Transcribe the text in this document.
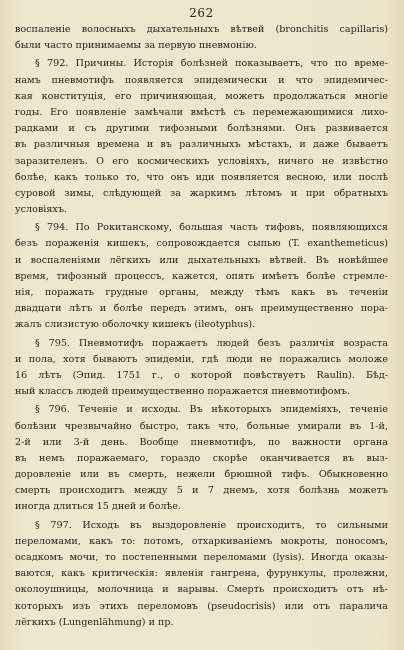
262
воспаленіе волосныхъ дыхательныхъ вѣтвей (bronchitis capillaris)
были часто принимаемы за первую пневмонію.
§ 792. Причины. Исторія болѣзней показываетъ, что по време-
намъ пневмотифъ появляется эпидемически и что эпидемичес-
кая конституція, его причиняющая, можетъ продолжаться многіе
годы. Его появленіе замѣчали вмѣстѣ съ перемежающимися лихо-
радками и съ другими тифозными болѣзнями. Онъ развивается
въ различныя времена и въ различныхъ мѣстахъ, и даже бываетъ
заразителенъ. О его космическихъ условіяхъ, ничего не извѣстно
болѣе, какъ только то, что онъ иди появляется весною, или послѣ
суровой зимы, слѣдующей за жаркимъ лѣтомъ и при обратныхъ
условіяхъ.
§ 794. По Рокитанскому, большая часть тифовъ, появляющихся
безъ пораженія кишекъ, сопровождается сыпью (T. exanthemeticus)
и воспаленіями лёгкихъ или дыхательныхъ вѣтвей. Въ новѣйшее
время, тифозный процессъ, кажется, опять имѣетъ болѣе стремле-
нія, поражать грудные органы, между тѣмъ какъ въ теченіи
двадцати лѣтъ и болѣе передъ этимъ, онъ преимущественно пора-
жалъ слизистую оболочку кишекъ (ileotyphus).
§ 795. Пневмотифъ поражаетъ людей безъ различія возраста
и пола, хотя бываютъ эпидеміи, гдѣ люди не поражались моложе
16 лѣтъ (Эпид. 1751 г., о которой повѣствуетъ Raulin). Бѣд-
ный классъ людей преимущественно поражается пневмотифомъ.
§ 796. Теченіе и исходы. Въ нѣкоторыхъ эпидеміяхъ, теченіе
болѣзни чрезвычайно быстро, такъ что, больные умирали въ 1-й,
2-й или 3-й день. Вообще пневмотифъ, по важности органа
въ немъ поражаемаго, гораздо скорѣе оканчивается въ выз-
доровленіе или въ смерть, нежели брюшной тифъ. Обыкновенно
смерть происходитъ между 5 и 7 днемъ, хотя болѣзнь можетъ
иногда длиться 15 дней и болѣе.
§ 797. Исходъ въ выздоровленіе происходитъ, то сильными
переломами, какъ то: потомъ, отхаркиваніемъ мокроты, поносомъ,
осадкомъ мочи, то постепенными переломами (lysis). Иногда оказы-
ваются, какъ критическія: явленія гангрена, фурункулы, пролежни,
околоушницы, молочница и варывы. Смерть происходитъ отъ нѣ-
которыхъ изъ этихъ переломовъ (pseudocrisis) или отъ паралича
лёгкихъ (Lungenlähmung) и пр.
